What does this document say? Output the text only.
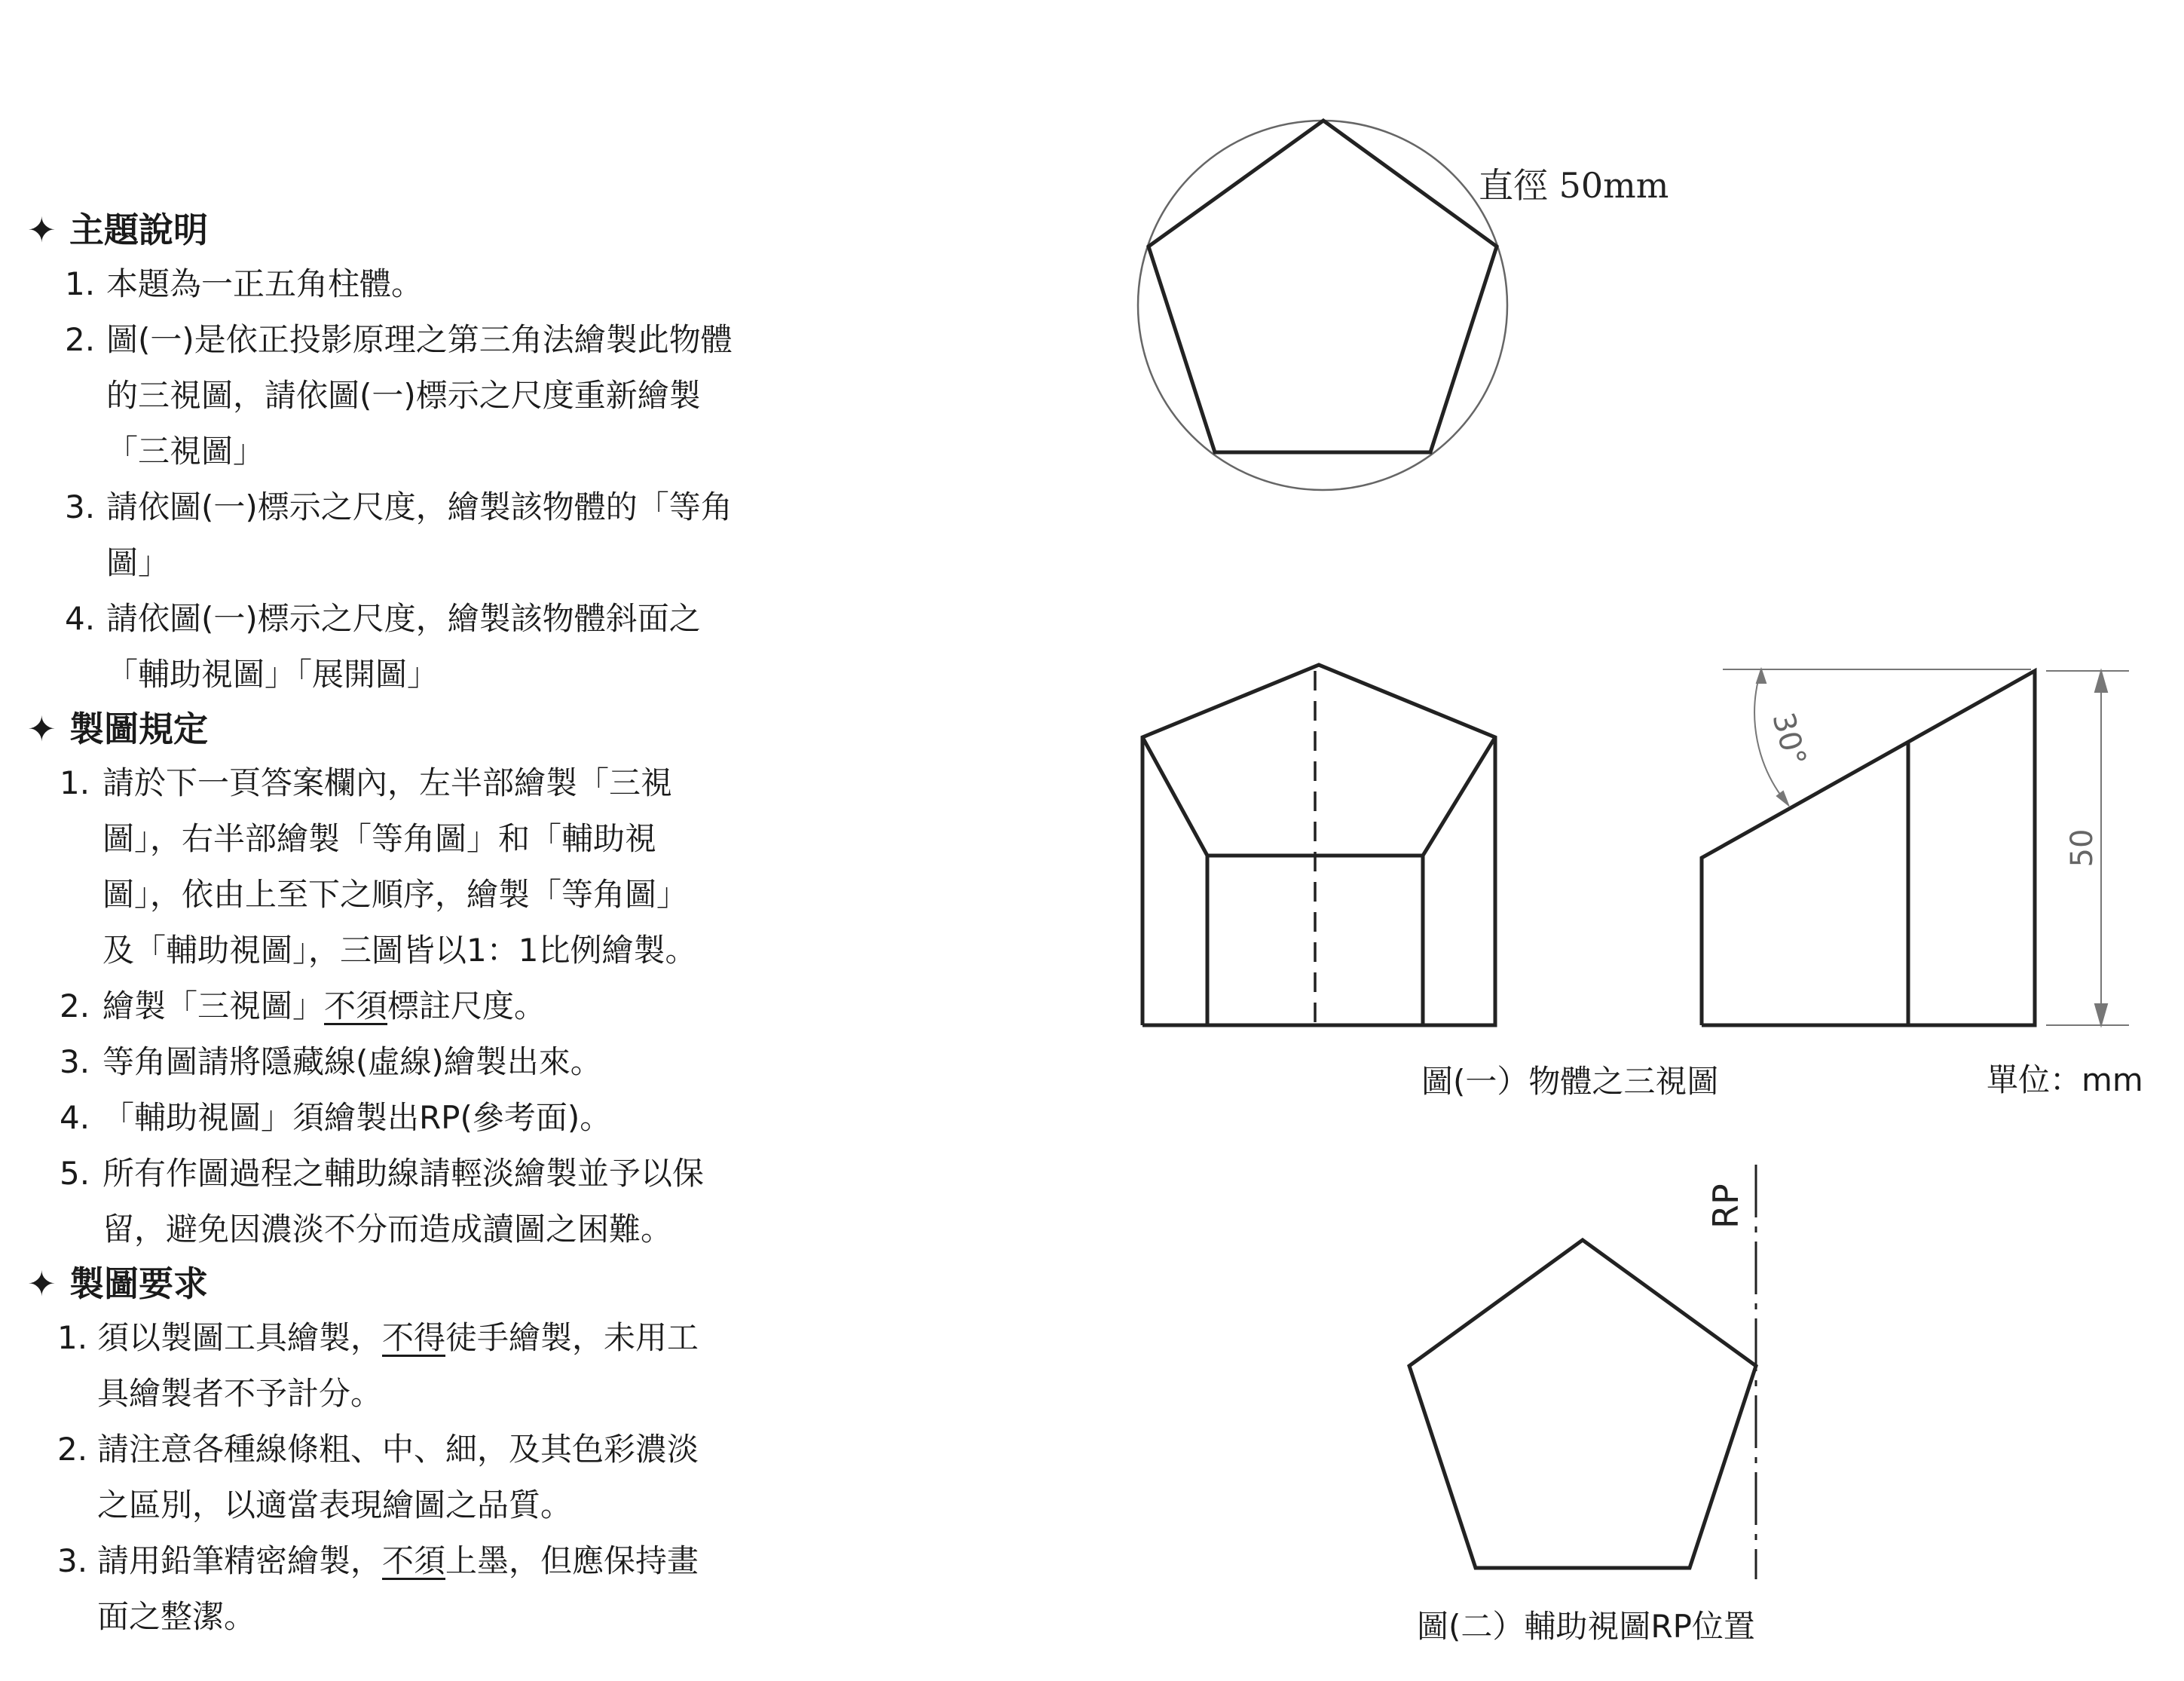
✦ 主題說明
1. 本題為一正五角柱體。
2. 圖(一)是依正投影原理之第三角法繪製此物體
的三視圖，請依圖(一)標示之尺度重新繪製
「三視圖」
3. 請依圖(一)標示之尺度，繪製該物體的「等角
圖」
4. 請依圖(一)標示之尺度，繪製該物體斜面之
「輔助視圖」「展開圖」
✦ 製圖規定
1. 請於下一頁答案欄內，左半部繪製「三視
圖」，右半部繪製「等角圖」和「輔助視
圖」，依由上至下之順序，繪製「等角圖」
及「輔助視圖」，三圖皆以1：1比例繪製。
2. 繪製「三視圖」不須標註尺度。
3. 等角圖請將隱藏線(虛線)繪製出來。
4. 「輔助視圖」須繪製出RP(參考面)。
5. 所有作圖過程之輔助線請輕淡繪製並予以保
留，避免因濃淡不分而造成讀圖之困難。
✦ 製圖要求
1. 須以製圖工具繪製，不得徒手繪製，未用工
具繪製者不予計分。
2. 請注意各種線條粗、中、細，及其色彩濃淡
之區別，以適當表現繪圖之品質。
3. 請用鉛筆精密繪製，不須上墨，但應保持畫
面之整潔。
直徑 50mm
30°
50
RP
圖(一）物體之三視圖	單位：mm
圖(二）輔助視圖RP位置
